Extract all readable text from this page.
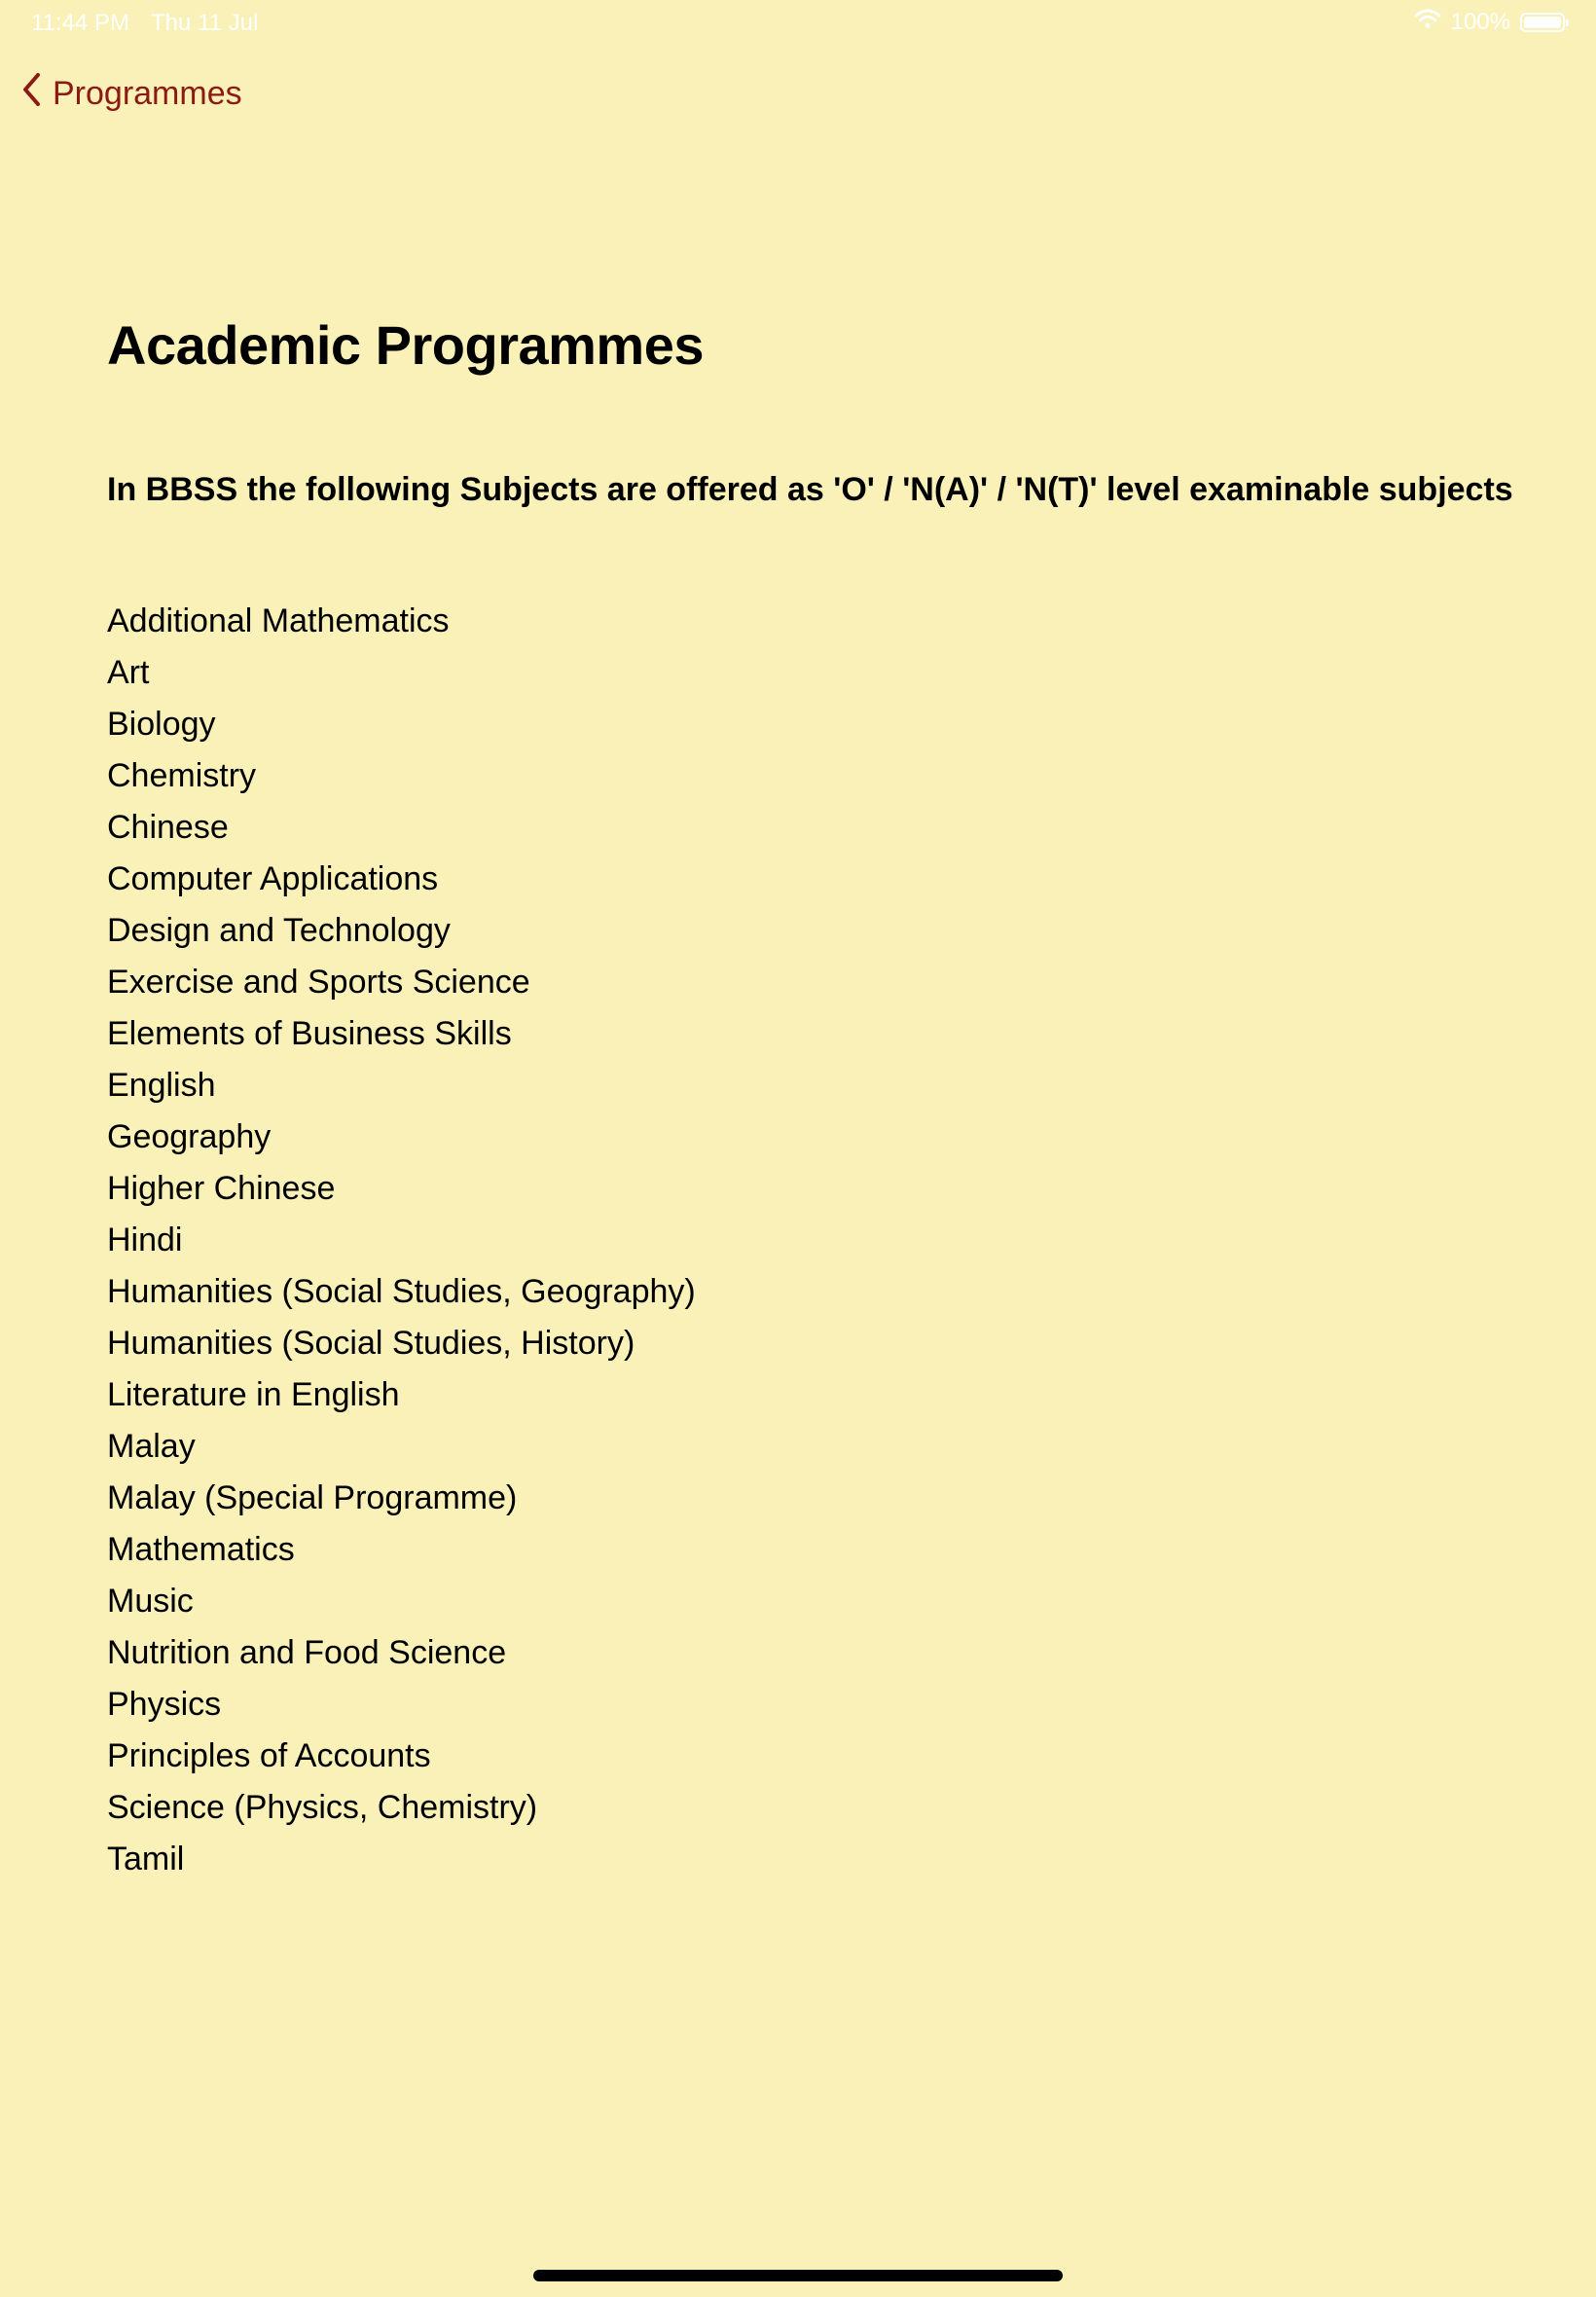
11:44 PM Thu 11 Jul	100%
Programmes
Academic Programmes

In BBSS the following Subjects are offered as 'O' / 'N(A)' / 'N(T)' level examinable subjects

Additional Mathematics
Art
Biology
Chemistry
Chinese
Computer Applications
Design and Technology
Exercise and Sports Science
Elements of Business Skills
English
Geography
Higher Chinese
Hindi
Humanities (Social Studies, Geography)
Humanities (Social Studies, History)
Literature in English
Malay
Malay (Special Programme)
Mathematics
Music
Nutrition and Food Science
Physics
Principles of Accounts
Science (Physics, Chemistry)
Tamil
